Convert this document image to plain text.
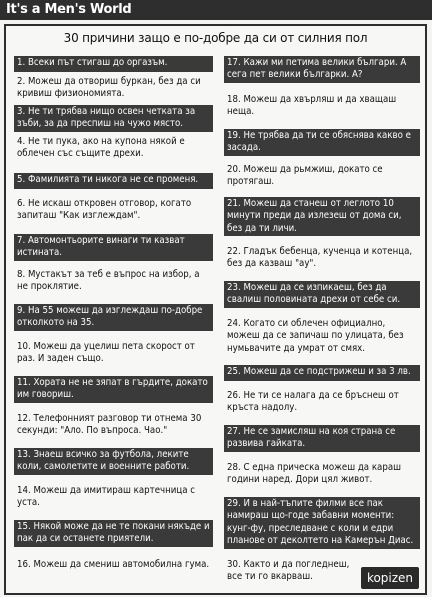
It's a Men's World
30 причини защо е по-добре да си от силния пол
1. Всеки път стигаш до оргазъм.
2. Можеш да отвориш буркан, без да си кривиш физиономията.
3. Не ти трябва нищо освен четката за зъби, за да преспиш на чужо място.
4. Не ти пука, ако на купона някой е облечен със същите дрехи.
5. Фамилията ти никога не се променя.
6. Не искаш откровен отговор, когато запиташ "Как изглеждам".
7. Автомонтьорите винаги ти казват истината.
8. Мустакът за теб е въпрос на избор, а не проклятие.
9. На 55 можеш да изглеждаш по-добре отколкото на 35.
10. Можеш да уцелиш пета скорост от раз. И заден също.
11. Хората не не зяпат в гърдите, докато им говориш.
12. Телефонният разговор ти отнема 30 секунди: "Ало. По въпроса. Чао."
13. Знаеш всичко за футбола, леките коли, самолетите и военните работи.
14. Можеш да имитираш картечница с уста.
15. Някой може да не те покани някъде и пак да си останете приятели.
16. Можеш да смениш автомобилна гума.
17. Кажи ми петима велики българи. А сега пет велики българки. А?
18. Можеш да хвърляш и да хващаш неща.
19. Не трябва да ти се обяснява какво е засада.
20. Можеш да рьмжиш, докато се протягаш.
21. Можеш да станеш от леглото 10 минути преди да излезеш от дома си, без да ти личи.
22. Гладък бебенца, кученца и котенца, без да казваш "ау".
23. Можеш да се изпикаеш, без да свалиш половината дрехи от себе си.
24. Когато си облечен официално, можеш да се запичаш по улицата, без нумьвачите да умрат от смях.
25. Можеш да се подстрижеш и за 3 лв.
26. Не ти се налага да се бръснеш от кръста надолу.
27. Не се замисляш на коя страна се развива гайката.
28. С една прическа можеш да караш години наред. Дори цял живот.
29. И в най-тъпите филми все пак намираш що-годе забавни моменти: кунг-фу, преследване с коли и едри планове от деколтето на Камерън Диас.
30. Както и да погледнеш, все ти го вкарваш.	kopizen
